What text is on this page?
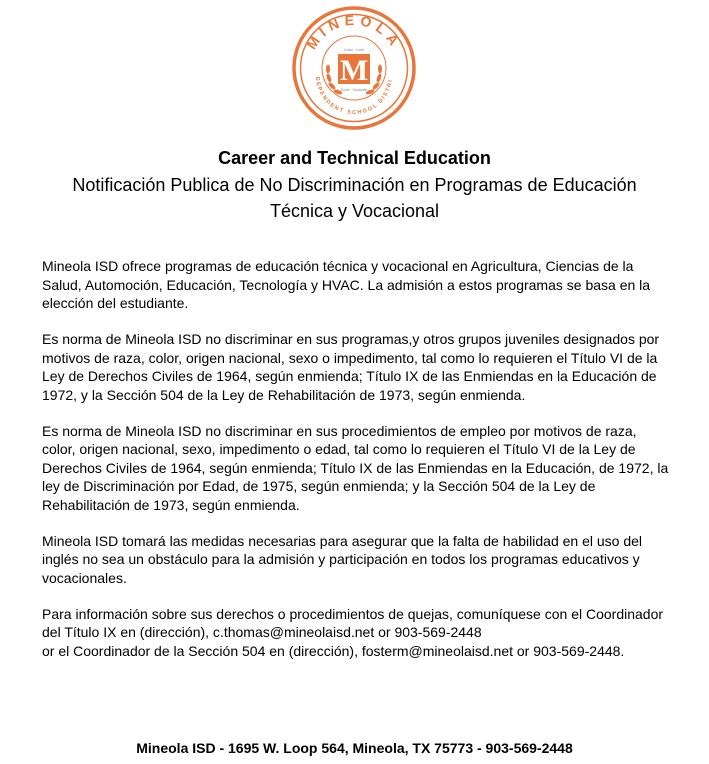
MINEOLA
DEPENDENT SCHOOL DISTRI
Learn · Lead
M
Excel · Graduate
Career and Technical Education
Notificación Publica de No Discriminación en Programas de Educación Técnica y Vocacional

Mineola ISD ofrece programas de educación técnica y vocacional en Agricultura, Ciencias de la Salud, Automoción, Educación, Tecnología y HVAC. La admisión a estos programas se basa en la elección del estudiante.

Es norma de Mineola ISD no discriminar en sus programas,y otros grupos juveniles designados por motivos de raza, color, origen nacional, sexo o impedimento, tal como lo requieren el Título VI de la Ley de Derechos Civiles de 1964, según enmienda; Título IX de las Enmiendas en la Educación de 1972, y la Sección 504 de la Ley de Rehabilitación de 1973, según enmienda.

Es norma de Mineola ISD no discriminar en sus procedimientos de empleo por motivos de raza, color, origen nacional, sexo, impedimento o edad, tal como lo requieren el Título VI de la Ley de Derechos Civiles de 1964, según enmienda; Título IX de las Enmiendas en la Educación, de 1972, la ley de Discriminación por Edad, de 1975, según enmienda; y la Sección 504 de la Ley de Rehabilitación de 1973, según enmienda.

Mineola ISD tomará las medidas necesarias para asegurar que la falta de habilidad en el uso del inglés no sea un obstáculo para la admisión y participación en todos los programas educativos y vocacionales.

Para información sobre sus derechos o procedimientos de quejas, comuníquese con el Coordinador del Título IX en (dirección), c.thomas@mineolaisd.net or 903-569-2448
or el Coordinador de la Sección 504 en (dirección), fosterm@mineolaisd.net or 903-569-2448.

Mineola ISD - 1695 W. Loop 564, Mineola, TX 75773 - 903-569-2448
